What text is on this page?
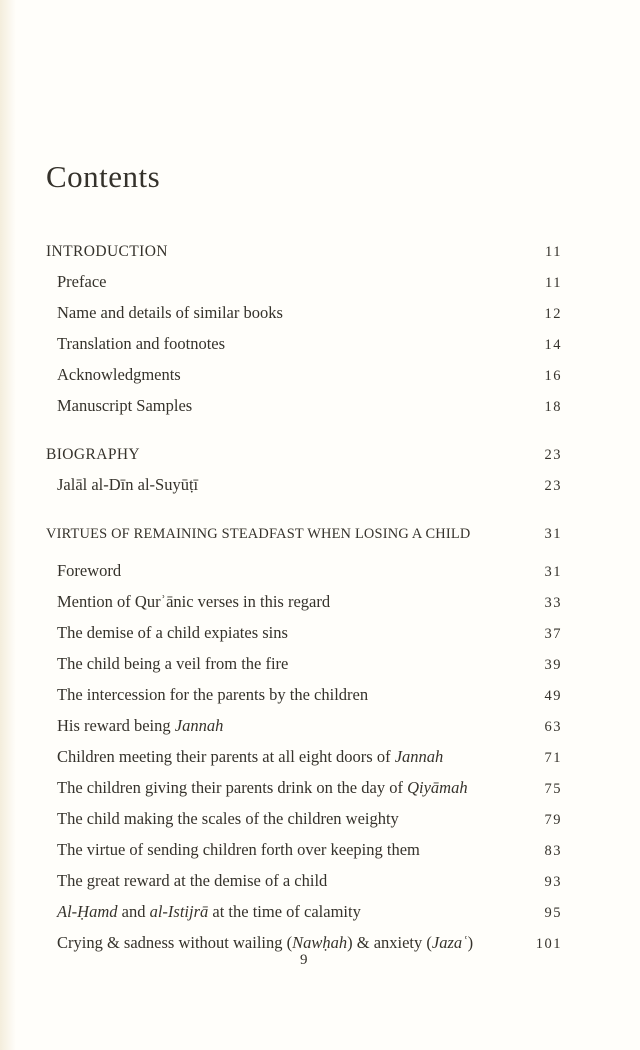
Contents
INTRODUCTION	11
Preface	11
Name and details of similar books	12
Translation and footnotes	14
Acknowledgments	16
Manuscript Samples	18
BIOGRAPHY	23
Jalāl al-Dīn al-Suyūṭī	23
VIRTUES OF REMAINING STEADFAST WHEN LOSING A CHILD	31
Foreword	31
Mention of Qurʾānic verses in this regard	33
The demise of a child expiates sins	37
The child being a veil from the fire	39
The intercession for the parents by the children	49
His reward being Jannah	63
Children meeting their parents at all eight doors of Jannah	71
The children giving their parents drink on the day of Qiyāmah	75
The child making the scales of the children weighty	79
The virtue of sending children forth over keeping them	83
The great reward at the demise of a child	93
Al-Ḥamd and al-Istijrā at the time of calamity	95
Crying & sadness without wailing (Nawḥah) & anxiety (Jazaʿ)	101
9
